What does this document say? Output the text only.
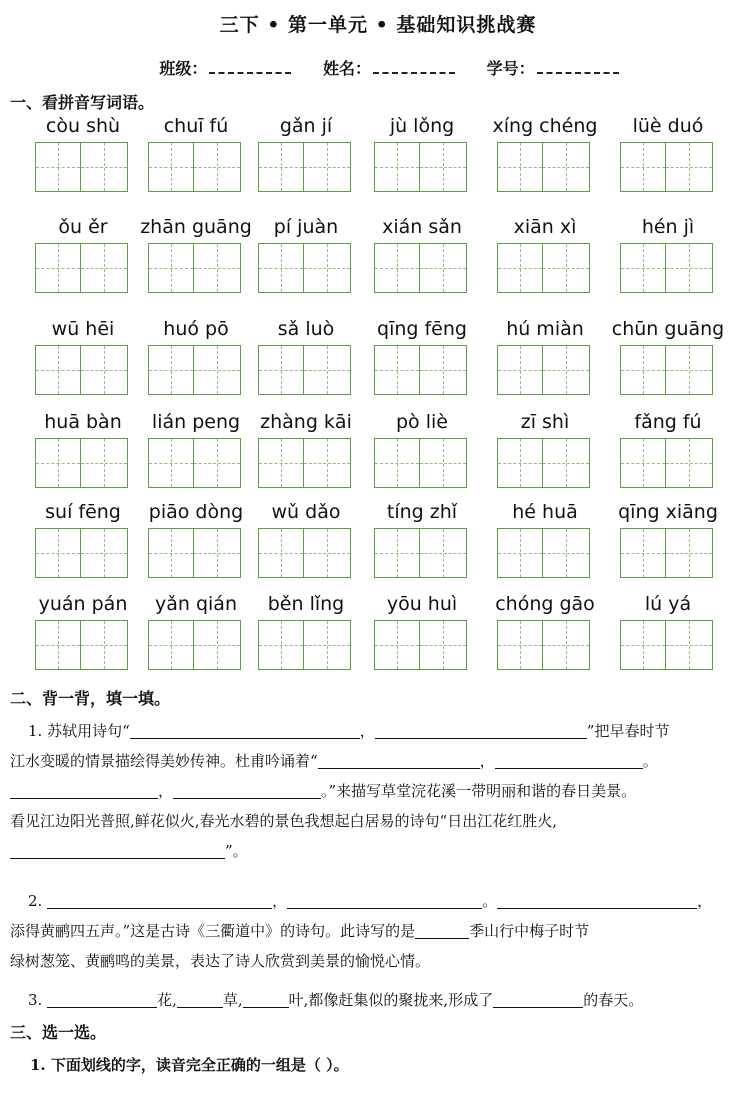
三下 • 第一单元 • 基础知识挑战赛
班级：	姓名：	学号：
一、看拼音写词语。
còu shù	chuī fú	gǎn jí	jù lǒng	xíng chéng	lüè duó
ǒu ěr	zhān guāng	pí juàn	xián sǎn	xiān xì	hén jì
wū hēi	huó pō	sǎ luò	qīng fēng	hú miàn	chūn guāng
huā bàn	lián peng	zhàng kāi	pò liè	zī shì	fǎng fú
suí fēng	piāo dòng	wǔ dǎo	tíng zhǐ	hé huā	qīng xiāng
yuán pán	yǎn qián	běn lǐng	yōu huì	chóng gāo	lú yá
二、背一背，填一填。
1. 苏轼用诗句“	，	”把早春时节
江水变暖的情景描绘得美妙传神。杜甫吟诵着“	，	。
，	。”来描写草堂浣花溪一带明丽和谐的春日美景。
看见江边阳光普照,鲜花似火,春光水碧的景色我想起白居易的诗句“日出江花红胜火,
”。
2.	，	。	，
添得黄鹂四五声。”这是古诗《三衢道中》的诗句。此诗写的是	季山行中梅子时节
绿树葱笼、黄鹂鸣的美景，表达了诗人欣赏到美景的愉悦心情。
3.	花,	草,	叶,都像赶集似的聚拢来,形成了	的春天。
三、选一选。
1. 下面划线的字，读音完全正确的一组是（ ）。
